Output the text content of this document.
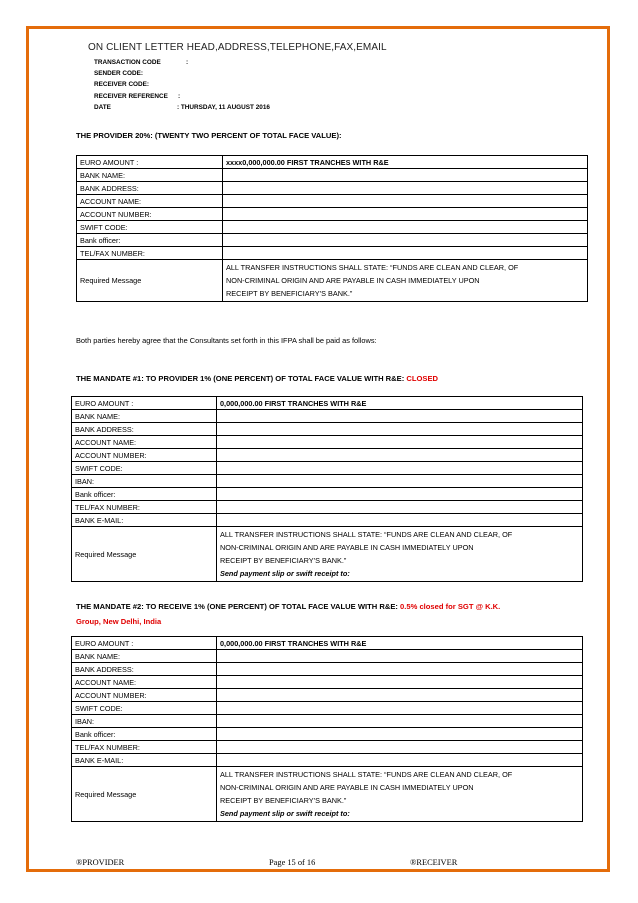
ON CLIENT LETTER HEAD,ADDRESS,TELEPHONE,FAX,EMAIL
TRANSACTION CODE	:
SENDER CODE:
RECEIVER CODE:
RECEIVER REFERENCE :
DATE	: THURSDAY, 11 AUGUST 2016
THE PROVIDER 20%: (TWENTY TWO PERCENT OF TOTAL FACE VALUE):
EURO AMOUNT :	xxxx0,000,000.00 FIRST TRANCHES WITH R&E
BANK NAME:	
BANK ADDRESS:	
ACCOUNT NAME:	
ACCOUNT NUMBER:	
SWIFT CODE:	
Bank officer:	
TEL/FAX NUMBER:	
Required Message	ALL TRANSFER INSTRUCTIONS SHALL STATE: “FUNDS ARE CLEAN AND CLEAR, OF
NON-CRIMINAL ORIGIN AND ARE PAYABLE IN CASH IMMEDIATELY UPON
RECEIPT BY BENEFICIARY'S BANK.”
Both parties hereby agree that the Consultants set forth in this IFPA shall be paid as follows:
THE MANDATE #1: TO PROVIDER 1% (ONE PERCENT) OF TOTAL FACE VALUE WITH R&E: CLOSED
EURO AMOUNT :	0,000,000.00 FIRST TRANCHES WITH R&E
BANK NAME:	
BANK ADDRESS:	
ACCOUNT NAME:	
ACCOUNT NUMBER:	
SWIFT CODE:	
IBAN:	
Bank officer:	
TEL/FAX NUMBER:	
BANK E-MAIL:	
Required Message	ALL TRANSFER INSTRUCTIONS SHALL STATE: “FUNDS ARE CLEAN AND CLEAR, OF
NON-CRIMINAL ORIGIN AND ARE PAYABLE IN CASH IMMEDIATELY UPON
RECEIPT BY BENEFICIARY'S BANK.”
Send payment slip or swift receipt to:
THE MANDATE #2: TO RECEIVE 1% (ONE PERCENT) OF TOTAL FACE VALUE WITH R&E: 0.5% closed for SGT @ K.K.
Group, New Delhi, India
EURO AMOUNT :	0,000,000.00 FIRST TRANCHES WITH R&E
BANK NAME:	
BANK ADDRESS:	
ACCOUNT NAME:	
ACCOUNT NUMBER:	
SWIFT CODE:	
IBAN:	
Bank officer:	
TEL/FAX NUMBER:	
BANK E-MAIL:	
Required Message	ALL TRANSFER INSTRUCTIONS SHALL STATE: “FUNDS ARE CLEAN AND CLEAR, OF
NON-CRIMINAL ORIGIN AND ARE PAYABLE IN CASH IMMEDIATELY UPON
RECEIPT BY BENEFICIARY'S BANK.”
Send payment slip or swift receipt to:
®PROVIDER	Page 15 of 16	®RECEIVER
